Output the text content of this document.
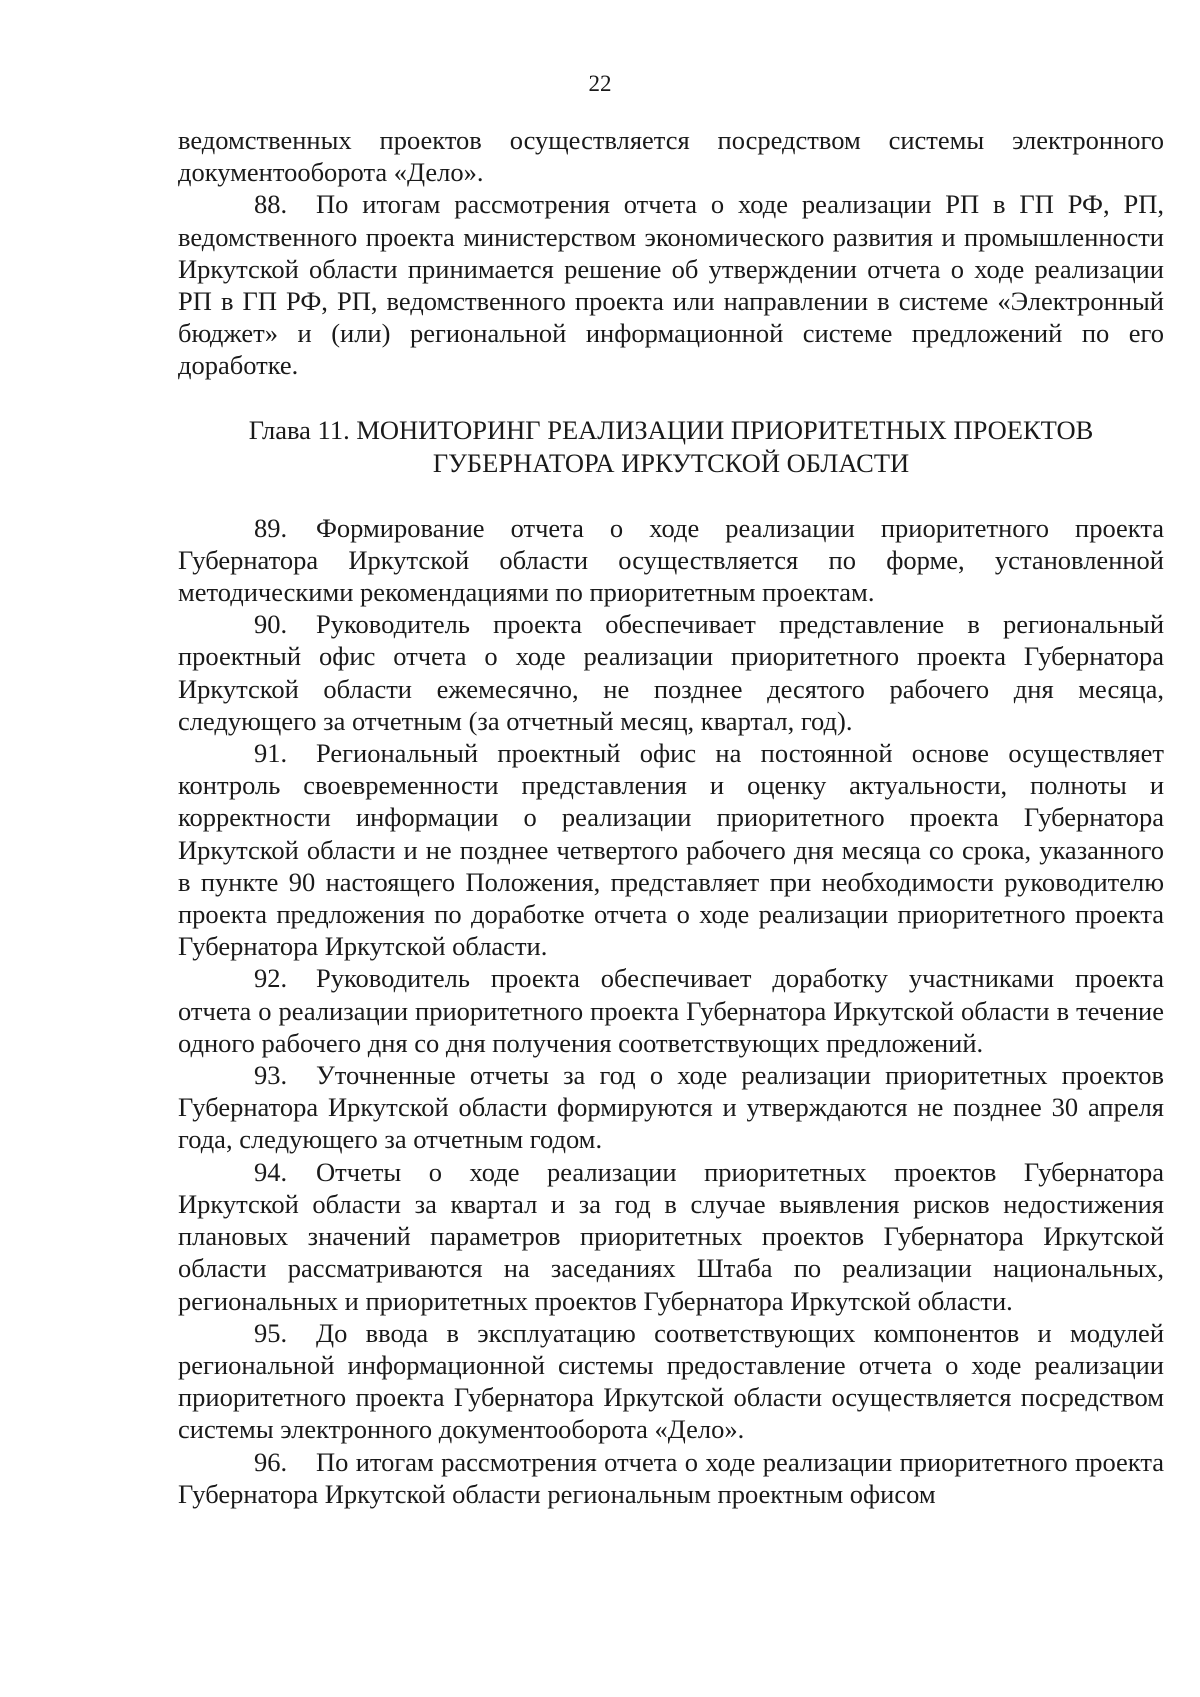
22

ведомственных проектов осуществляется посредством системы электронного документооборота «Дело».

88. По итогам рассмотрения отчета о ходе реализации РП в ГП РФ, РП, ведомственного проекта министерством экономического развития и промышленности Иркутской области принимается решение об утверждении отчета о ходе реализации РП в ГП РФ, РП, ведомственного проекта или направлении в системе «Электронный бюджет» и (или) региональной информационной системе предложений по его доработке.

Глава 11. МОНИТОРИНГ РЕАЛИЗАЦИИ ПРИОРИТЕТНЫХ ПРОЕКТОВ
ГУБЕРНАТОРА ИРКУТСКОЙ ОБЛАСТИ

89. Формирование отчета о ходе реализации приоритетного проекта Губернатора Иркутской области осуществляется по форме, установленной методическими рекомендациями по приоритетным проектам.

90. Руководитель проекта обеспечивает представление в региональный проектный офис отчета о ходе реализации приоритетного проекта Губернатора Иркутской области ежемесячно, не позднее десятого рабочего дня месяца, следующего за отчетным (за отчетный месяц, квартал, год).

91. Региональный проектный офис на постоянной основе осуществляет контроль своевременности представления и оценку актуальности, полноты и корректности информации о реализации приоритетного проекта Губернатора Иркутской области и не позднее четвертого рабочего дня месяца со срока, указанного в пункте 90 настоящего Положения, представляет при необходимости руководителю проекта предложения по доработке отчета о ходе реализации приоритетного проекта Губернатора Иркутской области.

92. Руководитель проекта обеспечивает доработку участниками проекта отчета о реализации приоритетного проекта Губернатора Иркутской области в течение одного рабочего дня со дня получения соответствующих предложений.

93. Уточненные отчеты за год о ходе реализации приоритетных проектов Губернатора Иркутской области формируются и утверждаются не позднее 30 апреля года, следующего за отчетным годом.

94. Отчеты о ходе реализации приоритетных проектов Губернатора Иркутской области за квартал и за год в случае выявления рисков недостижения плановых значений параметров приоритетных проектов Губернатора Иркутской области рассматриваются на заседаниях Штаба по реализации национальных, региональных и приоритетных проектов Губернатора Иркутской области.

95. До ввода в эксплуатацию соответствующих компонентов и модулей региональной информационной системы предоставление отчета о ходе реализации приоритетного проекта Губернатора Иркутской области осуществляется посредством системы электронного документооборота «Дело».

96. По итогам рассмотрения отчета о ходе реализации приоритетного проекта Губернатора Иркутской области региональным проектным офисом
